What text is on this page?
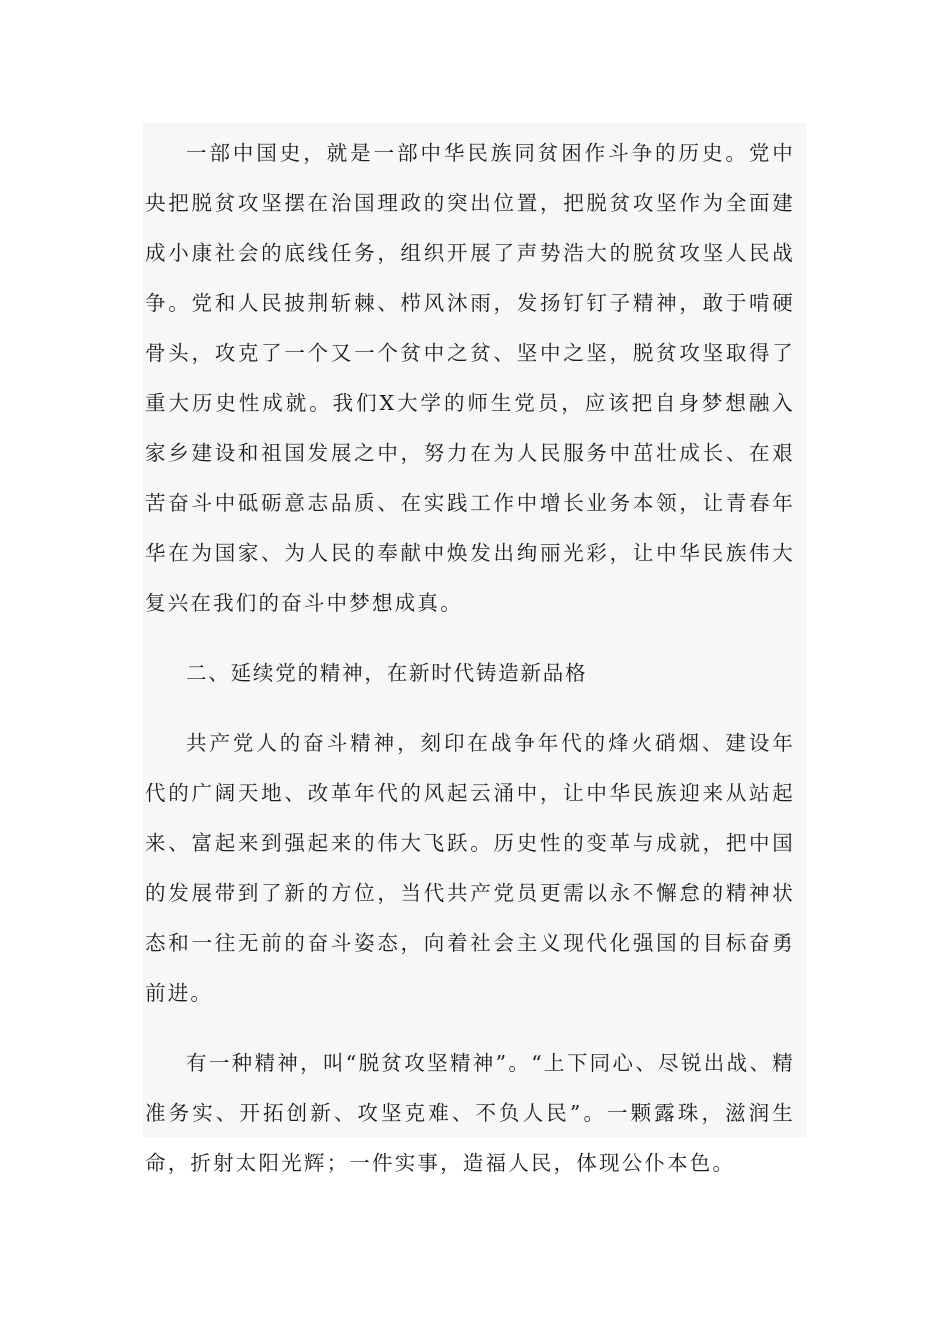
一部中国史，就是一部中华民族同贫困作斗争的历史。党中央把脱贫攻坚摆在治国理政的突出位置，把脱贫攻坚作为全面建成小康社会的底线任务，组织开展了声势浩大的脱贫攻坚人民战争。党和人民披荆斩棘、栉风沐雨，发扬钉钉子精神，敢于啃硬骨头，攻克了一个又一个贫中之贫、坚中之坚，脱贫攻坚取得了重大历史性成就。我们X大学的师生党员，应该把自身梦想融入家乡建设和祖国发展之中，努力在为人民服务中茁壮成长、在艰苦奋斗中砥砺意志品质、在实践工作中增长业务本领，让青春年华在为国家、为人民的奉献中焕发出绚丽光彩，让中华民族伟大复兴在我们的奋斗中梦想成真。

二、延续党的精神，在新时代铸造新品格

共产党人的奋斗精神，刻印在战争年代的烽火硝烟、建设年代的广阔天地、改革年代的风起云涌中，让中华民族迎来从站起来、富起来到强起来的伟大飞跃。历史性的变革与成就，把中国的发展带到了新的方位，当代共产党员更需以永不懈怠的精神状态和一往无前的奋斗姿态，向着社会主义现代化强国的目标奋勇前进。

有一种精神，叫“脱贫攻坚精神”。“上下同心、尽锐出战、精准务实、开拓创新、攻坚克难、不负人民”。一颗露珠，滋润生命，折射太阳光辉；一件实事，造福人民，体现公仆本色。
